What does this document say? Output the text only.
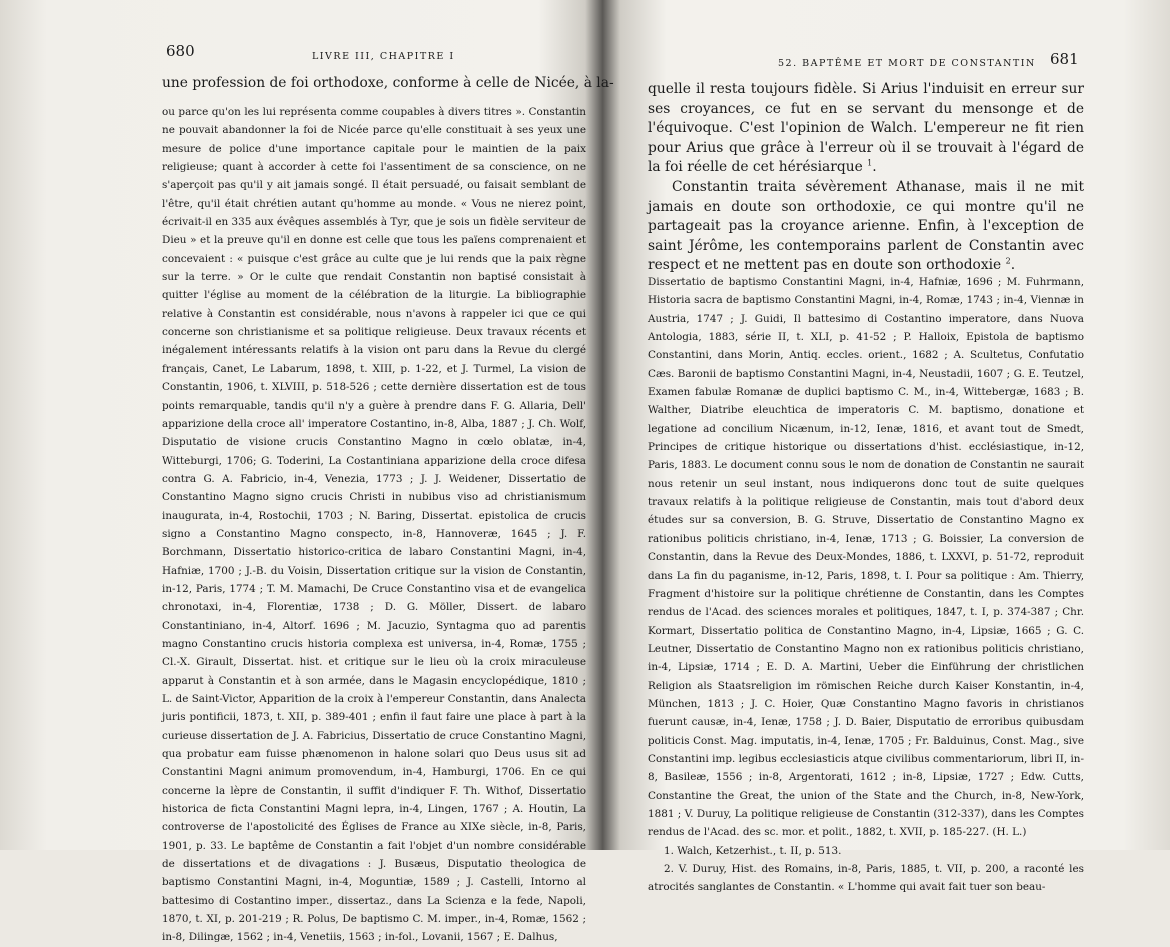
680	LIVRE III, CHAPITRE I
une profession de foi orthodoxe, conforme à celle de Nicée, à la-

ou parce qu'on les lui représenta comme coupables à divers titres ». Constantin ne pouvait abandonner la foi de Nicée parce qu'elle constituait à ses yeux une mesure de police d'une importance capitale pour le maintien de la paix religieuse; quant à accorder à cette foi l'assentiment de sa conscience, on ne s'aperçoit pas qu'il y ait jamais songé. Il était persuadé, ou faisait semblant de l'être, qu'il était chrétien autant qu'homme au monde. « Vous ne nierez point, écrivait-il en 335 aux évêques assemblés à Tyr, que je sois un fidèle serviteur de Dieu » et la preuve qu'il en donne est celle que tous les païens comprenaient et concevaient : « puisque c'est grâce au culte que je lui rends que la paix règne sur la terre. » Or le culte que rendait Constantin non baptisé consistait à quitter l'église au moment de la célébration de la liturgie. La bibliographie relative à Constantin est considérable, nous n'avons à rappeler ici que ce qui concerne son christianisme et sa politique religieuse. Deux travaux récents et inégalement intéressants relatifs à la vision ont paru dans la Revue du clergé français, Canet, Le Labarum, 1898, t. XIII, p. 1-22, et J. Turmel, La vision de Constantin, 1906, t. XLVIII, p. 518-526 ; cette dernière dissertation est de tous points remarquable, tandis qu'il n'y a guère à prendre dans F. G. Allaria, Dell' apparizione della croce all' imperatore Costantino, in-8, Alba, 1887 ; J. Ch. Wolf, Disputatio de visione crucis Constantino Magno in cœlo oblatæ, in-4, Witteburgi, 1706; G. Toderini, La Costantiniana apparizione della croce difesa contra G. A. Fabricio, in-4, Venezia, 1773 ; J. J. Weidener, Dissertatio de Constantino Magno signo crucis Christi in nubibus viso ad christianismum inaugurata, in-4, Rostochii, 1703 ; N. Baring, Dissertat. epistolica de crucis signo a Constantino Magno conspecto, in-8, Hannoveræ, 1645 ; J. F. Borchmann, Dissertatio historico-critica de labaro Constantini Magni, in-4, Hafniæ, 1700 ; J.-B. du Voisin, Dissertation critique sur la vision de Constantin, in-12, Paris, 1774 ; T. M. Mamachi, De Cruce Constantino visa et de evangelica chronotaxi, in-4, Florentiæ, 1738 ; D. G. Möller, Dissert. de labaro Constantiniano, in-4, Altorf. 1696 ; M. Jacuzio, Syntagma quo ad parentis magno Constantino crucis historia complexa est universa, in-4, Romæ, 1755 ; Cl.-X. Girault, Dissertat. hist. et critique sur le lieu où la croix miraculeuse apparut à Constantin et à son armée, dans le Magasin encyclopédique, 1810 ; L. de Saint-Victor, Apparition de la croix à l'empereur Constantin, dans Analecta juris pontificii, 1873, t. XII, p. 389-401 ; enfin il faut faire une place à part à la curieuse dissertation de J. A. Fabricius, Dissertatio de cruce Constantino Magni, qua probatur eam fuisse phænomenon in halone solari quo Deus usus sit ad Constantini Magni animum promovendum, in-4, Hamburgi, 1706. En ce qui concerne la lèpre de Constantin, il suffit d'indiquer F. Th. Withof, Dissertatio historica de ficta Constantini Magni lepra, in-4, Lingen, 1767 ; A. Houtin, La controverse de l'apostolicité des Églises de France au XIXe siècle, in-8, Paris, 1901, p. 33. Le baptême de Constantin a fait l'objet d'un nombre considérable de dissertations et de divagations : J. Busæus, Disputatio theologica de baptismo Constantini Magni, in-4, Moguntiæ, 1589 ; J. Castelli, Intorno al battesimo di Costantino imper., dissertaz., dans La Scienza e la fede, Napoli, 1870, t. XI, p. 201-219 ; R. Polus, De baptismo C. M. imper., in-4, Romæ, 1562 ; in-8, Dilingæ, 1562 ; in-4, Venetiis, 1563 ; in-fol., Lovanii, 1567 ; E. Dalhus,

52. BAPTÊME ET MORT DE CONSTANTIN 681

quelle il resta toujours fidèle. Si Arius l'induisit en erreur sur ses croyances, ce fut en se servant du mensonge et de l'équivoque. C'est l'opinion de Walch. L'empereur ne fit rien pour Arius que grâce à l'erreur où il se trouvait à l'égard de la foi réelle de cet hérésiarque $^1$.

Constantin traita sévèrement Athanase, mais il ne mit jamais en doute son orthodoxie, ce qui montre qu'il ne partageait pas la croyance arienne. Enfin, à l'exception de saint Jérôme, les contemporains parlent de Constantin avec respect et ne mettent pas en doute son orthodoxie $^2$.

Dissertatio de baptismo Constantini Magni, in-4, Hafniæ, 1696 ; M. Fuhrmann, Historia sacra de baptismo Constantini Magni, in-4, Romæ, 1743 ; in-4, Viennæ in Austria, 1747 ; J. Guidi, Il battesimo di Costantino imperatore, dans Nuova Antologia, 1883, série II, t. XLI, p. 41-52 ; P. Halloix, Epistola de baptismo Constantini, dans Morin, Antiq. eccles. orient., 1682 ; A. Scultetus, Confutatio Cæs. Baronii de baptismo Constantini Magni, in-4, Neustadii, 1607 ; G. E. Teutzel, Examen fabulæ Romanæ de duplici baptismo C. M., in-4, Wittebergæ, 1683 ; B. Walther, Diatribe eleuchtica de imperatoris C. M. baptismo, donatione et legatione ad concilium Nicænum, in-12, Ienæ, 1816, et avant tout de Smedt, Principes de critique historique ou dissertations d'hist. ecclésiastique, in-12, Paris, 1883. Le document connu sous le nom de donation de Constantin ne saurait nous retenir un seul instant, nous indiquerons donc tout de suite quelques travaux relatifs à la politique religieuse de Constantin, mais tout d'abord deux études sur sa conversion, B. G. Struve, Dissertatio de Constantino Magno ex rationibus politicis christiano, in-4, Ienæ, 1713 ; G. Boissier, La conversion de Constantin, dans la Revue des Deux-Mondes, 1886, t. LXXVI, p. 51-72, reproduit dans La fin du paganisme, in-12, Paris, 1898, t. I. Pour sa politique : Am. Thierry, Fragment d'histoire sur la politique chrétienne de Constantin, dans les Comptes rendus de l'Acad. des sciences morales et politiques, 1847, t. I, p. 374-387 ; Chr. Kormart, Dissertatio politica de Constantino Magno, in-4, Lipsiæ, 1665 ; G. C. Leutner, Dissertatio de Constantino Magno non ex rationibus politicis christiano, in-4, Lipsiæ, 1714 ; E. D. A. Martini, Ueber die Einführung der christlichen Religion als Staatsreligion im römischen Reiche durch Kaiser Konstantin, in-4, München, 1813 ; J. C. Hoier, Quæ Constantino Magno favoris in christianos fuerunt causæ, in-4, Ienæ, 1758 ; J. D. Baier, Disputatio de erroribus quibusdam politicis Const. Mag. imputatis, in-4, Ienæ, 1705 ; Fr. Balduinus, Const. Mag., sive Constantini imp. legibus ecclesiasticis atque civilibus commentariorum, libri II, in-8, Basileæ, 1556 ; in-8, Argentorati, 1612 ; in-8, Lipsiæ, 1727 ; Edw. Cutts, Constantine the Great, the union of the State and the Church, in-8, New-York, 1881 ; V. Duruy, La politique religieuse de Constantin (312-337), dans les Comptes rendus de l'Acad. des sc. mor. et polit., 1882, t. XVII, p. 185-227. (H. L.)

1. Walch, Ketzerhist., t. II, p. 513.

2. V. Duruy, Hist. des Romains, in-8, Paris, 1885, t. VII, p. 200, a raconté les atrocités sanglantes de Constantin. « L'homme qui avait fait tuer son beau-
